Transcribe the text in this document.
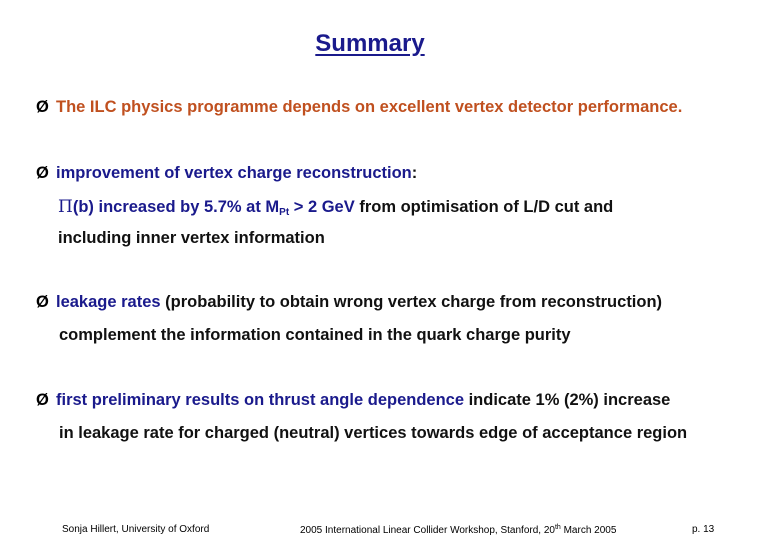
Summary
Ø The ILC physics programme depends on excellent vertex detector performance.
Ø improvement of vertex charge reconstruction:
Π(b) increased by 5.7% at $M_{Pt} > 2$ GeV from optimisation of L/D cut and
including inner vertex information
Ø leakage rates (probability to obtain wrong vertex charge from reconstruction)
complement the information contained in the quark charge purity
Ø first preliminary results on thrust angle dependence indicate 1% (2%) increase
in leakage rate for charged (neutral) vertices towards edge of acceptance region
Sonja Hillert, University of Oxford	2005 International Linear Collider Workshop, Stanford, 20th March 2005	p. 13
